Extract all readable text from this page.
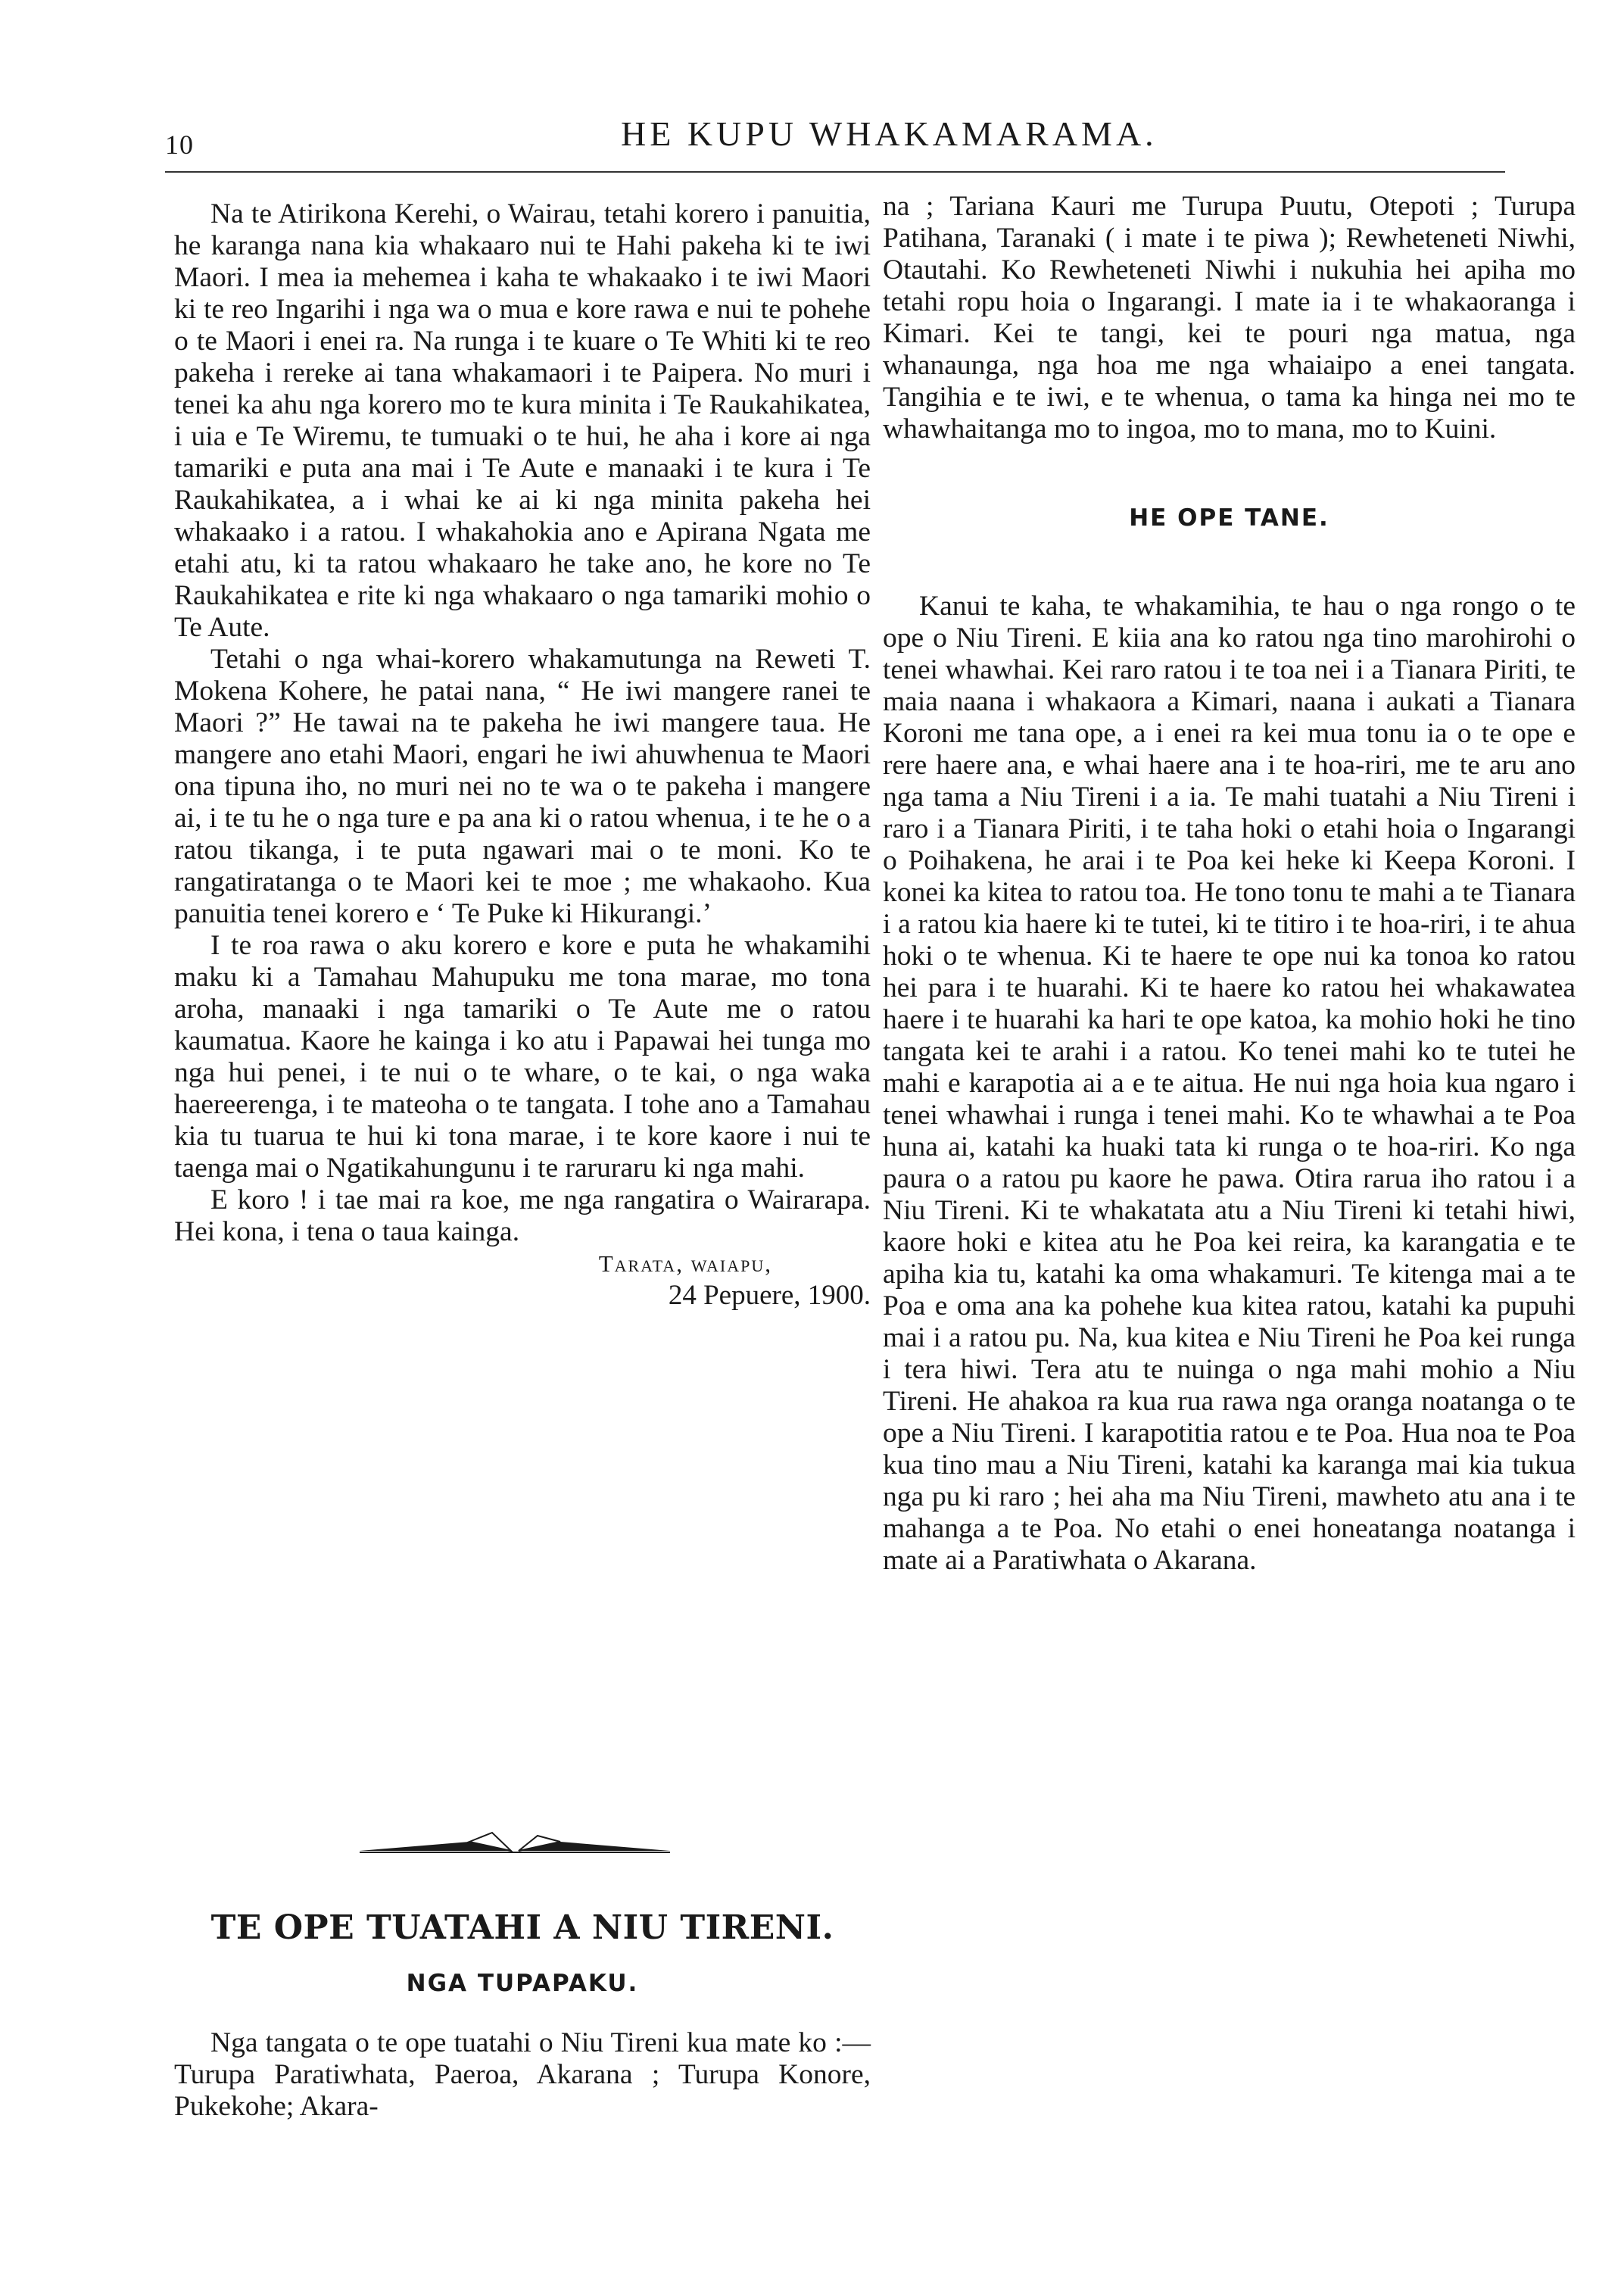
10	HE KUPU WHAKAMARAMA.

Na te Atirikona Kerehi, o Wairau, tetahi korero i panuitia, he karanga nana kia whakaaro nui te Hahi pakeha ki te iwi Maori. I mea ia mehemea i kaha te whakaako i te iwi Maori ki te reo Ingarihi i nga wa o mua e kore rawa e nui te pohehe o te Maori i enei ra. Na runga i te kuare o Te Whiti ki te reo pakeha i rereke ai tana whakamaori i te Paipera. No muri i tenei ka ahu nga korero mo te kura minita i Te Raukahikatea, i uia e Te Wiremu, te tumuaki o te hui, he aha i kore ai nga tamariki e puta ana mai i Te Aute e manaaki i te kura i Te Raukahikatea, a i whai ke ai ki nga minita pakeha hei whakaako i a ratou. I whakahokia ano e Apirana Ngata me etahi atu, ki ta ratou whakaaro he take ano, he kore no Te Raukahikatea e rite ki nga whakaaro o nga tamariki mohio o Te Aute.

Tetahi o nga whai-korero whakamutunga na Reweti T. Mokena Kohere, he patai nana, “ He iwi mangere ranei te Maori ?” He tawai na te pakeha he iwi mangere taua. He mangere ano etahi Maori, engari he iwi ahuwhenua te Maori ona tipuna iho, no muri nei no te wa o te pakeha i mangere ai, i te tu he o nga ture e pa ana ki o ratou whenua, i te he o a ratou tikanga, i te puta ngawari mai o te moni. Ko te rangatiratanga o te Maori kei te moe ; me whakaoho. Kua panuitia tenei korero e ‘ Te Puke ki Hikurangi.’

I te roa rawa o aku korero e kore e puta he whakamihi maku ki a Tamahau Mahupuku me tona marae, mo tona aroha, manaaki i nga tamariki o Te Aute me o ratou kaumatua. Kaore he kainga i ko atu i Papawai hei tunga mo nga hui penei, i te nui o te whare, o te kai, o nga waka haereerenga, i te mateoha o te tangata. I tohe ano a Tamahau kia tu tuarua te hui ki tona marae, i te kore kaore i nui te taenga mai o Ngatikahungunu i te raruraru ki nga mahi.

E koro ! i tae mai ra koe, me nga rangatira o Wairarapa. Hei kona, i tena o taua kainga.

Tarata, waiapu,
24 Pepuere, 1900.
TE OPE TUATAHI A NIU TIRENI.
NGA TUPAPAKU.

Nga tangata o te ope tuatahi o Niu Tireni kua mate ko :— Turupa Paratiwhata, Paeroa, Akarana ; Turupa Konore, Pukekohe; Akara-

na ; Tariana Kauri me Turupa Puutu, Otepoti ; Turupa Patihana, Taranaki ( i mate i te piwa ); Rewheteneti Niwhi, Otautahi. Ko Rewheteneti Niwhi i nukuhia hei apiha mo tetahi ropu hoia o Ingarangi. I mate ia i te whakaoranga i Kimari. Kei te tangi, kei te pouri nga matua, nga whanaunga, nga hoa me nga whaiaipo a enei tangata. Tangihia e te iwi, e te whenua, o tama ka hinga nei mo te whawhaitanga mo to ingoa, mo to mana, mo to Kuini.

HE OPE TANE.

Kanui te kaha, te whakamihia, te hau o nga rongo o te ope o Niu Tireni. E kiia ana ko ratou nga tino marohirohi o tenei whawhai. Kei raro ratou i te toa nei i a Tianara Piriti, te maia naana i whakaora a Kimari, naana i aukati a Tianara Koroni me tana ope, a i enei ra kei mua tonu ia o te ope e rere haere ana, e whai haere ana i te hoa-riri, me te aru ano nga tama a Niu Tireni i a ia. Te mahi tuatahi a Niu Tireni i raro i a Tianara Piriti, i te taha hoki o etahi hoia o Ingarangi o Poihakena, he arai i te Poa kei heke ki Keepa Koroni. I konei ka kitea to ratou toa. He tono tonu te mahi a te Tianara i a ratou kia haere ki te tutei, ki te titiro i te hoa-riri, i te ahua hoki o te whenua. Ki te haere te ope nui ka tonoa ko ratou hei para i te huarahi. Ki te haere ko ratou hei whakawatea haere i te huarahi ka hari te ope katoa, ka mohio hoki he tino tangata kei te arahi i a ratou. Ko tenei mahi ko te tutei he mahi e karapotia ai a e te aitua. He nui nga hoia kua ngaro i tenei whawhai i runga i tenei mahi. Ko te whawhai a te Poa huna ai, katahi ka huaki tata ki runga o te hoa-riri. Ko nga paura o a ratou pu kaore he pawa. Otira rarua iho ratou i a Niu Tireni. Ki te whakatata atu a Niu Tireni ki tetahi hiwi, kaore hoki e kitea atu he Poa kei reira, ka karangatia e te apiha kia tu, katahi ka oma whakamuri. Te kitenga mai a te Poa e oma ana ka pohehe kua kitea ratou, katahi ka pupuhi mai i a ratou pu. Na, kua kitea e Niu Tireni he Poa kei runga i tera hiwi. Tera atu te nuinga o nga mahi mohio a Niu Tireni. He ahakoa ra kua rua rawa nga oranga noatanga o te ope a Niu Tireni. I karapotitia ratou e te Poa. Hua noa te Poa kua tino mau a Niu Tireni, katahi ka karanga mai kia tukua nga pu ki raro ; hei aha ma Niu Tireni, mawheto atu ana i te mahanga a te Poa. No etahi o enei honeatanga noatanga i mate ai a Paratiwhata o Akarana.
